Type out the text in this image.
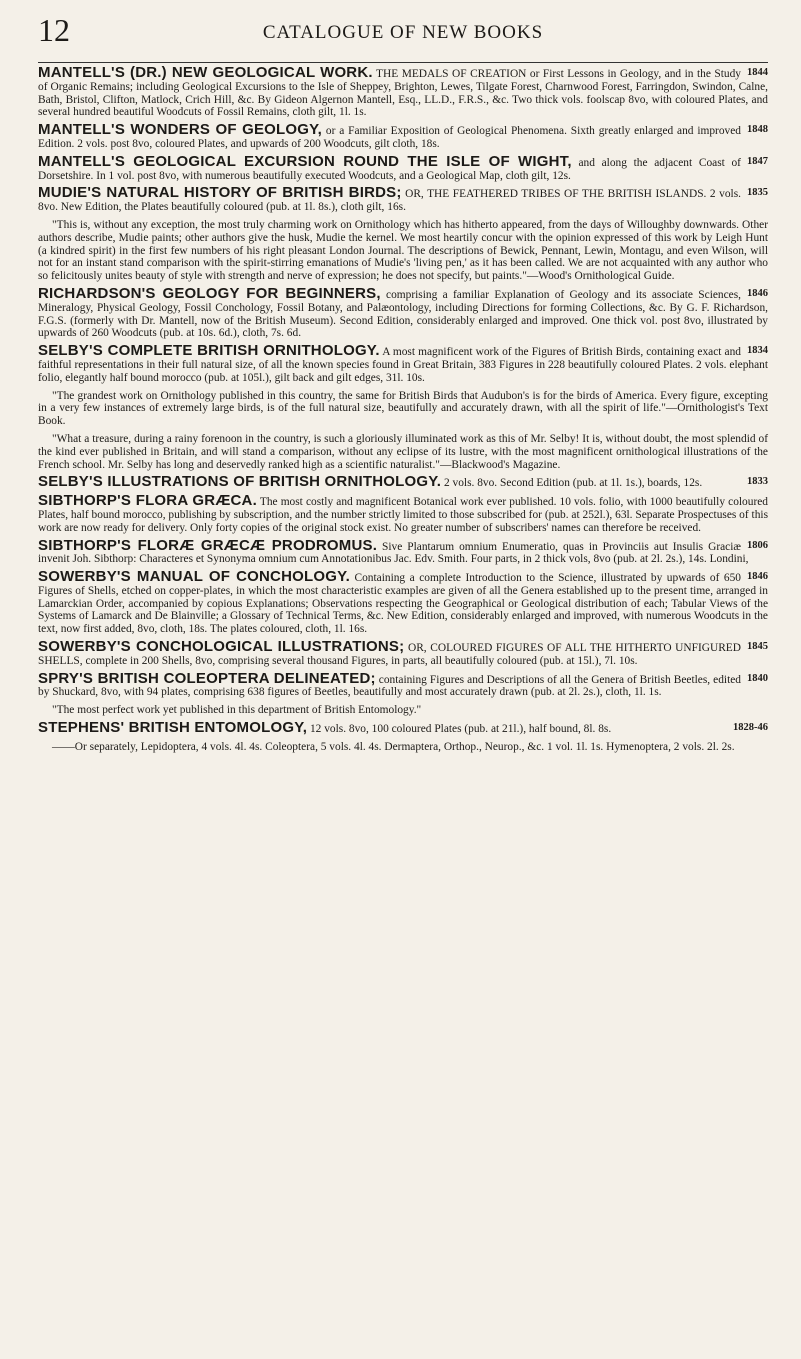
12	CATALOGUE OF NEW BOOKS

1844
MANTELL'S (DR.) NEW GEOLOGICAL WORK. THE MEDALS OF CREATION or First Lessons in Geology, and in the Study of Organic Remains; including Geological Excursions to the Isle of Sheppey, Brighton, Lewes, Tilgate Forest, Charnwood Forest, Farringdon, Swindon, Calne, Bath, Bristol, Clifton, Matlock, Crich Hill, &c. By Gideon Algernon Mantell, Esq., LL.D., F.R.S., &c. Two thick vols. foolscap 8vo, with coloured Plates, and several hundred beautiful Woodcuts of Fossil Remains, cloth gilt, 1l. 1s.

1848
MANTELL'S WONDERS OF GEOLOGY, or a Familiar Exposition of Geological Phenomena. Sixth greatly enlarged and improved Edition. 2 vols. post 8vo, coloured Plates, and upwards of 200 Woodcuts, gilt cloth, 18s.

1847
MANTELL'S GEOLOGICAL EXCURSION ROUND THE ISLE OF WIGHT, and along the adjacent Coast of Dorsetshire. In 1 vol. post 8vo, with numerous beautifully executed Woodcuts, and a Geological Map, cloth gilt, 12s.

1835
MUDIE'S NATURAL HISTORY OF BRITISH BIRDS; OR, THE FEATHERED TRIBES OF THE BRITISH ISLANDS. 2 vols. 8vo. New Edition, the Plates beautifully coloured (pub. at 1l. 8s.), cloth gilt, 16s.

"This is, without any exception, the most truly charming work on Ornithology which has hitherto appeared, from the days of Willoughby downwards. Other authors describe, Mudie paints; other authors give the husk, Mudie the kernel. We most heartily concur with the opinion expressed of this work by Leigh Hunt (a kindred spirit) in the first few numbers of his right pleasant London Journal. The descriptions of Bewick, Pennant, Lewin, Montagu, and even Wilson, will not for an instant stand comparison with the spirit-stirring emanations of Mudie's 'living pen,' as it has been called. We are not acquainted with any author who so felicitously unites beauty of style with strength and nerve of expression; he does not specify, but paints."—Wood's Ornithological Guide.

1846
RICHARDSON'S GEOLOGY FOR BEGINNERS, comprising a familiar Explanation of Geology and its associate Sciences, Mineralogy, Physical Geology, Fossil Conchology, Fossil Botany, and Palæontology, including Directions for forming Collections, &c. By G. F. Richardson, F.G.S. (formerly with Dr. Mantell, now of the British Museum). Second Edition, considerably enlarged and improved. One thick vol. post 8vo, illustrated by upwards of 260 Woodcuts (pub. at 10s. 6d.), cloth, 7s. 6d.

1834
SELBY'S COMPLETE BRITISH ORNITHOLOGY. A most magnificent work of the Figures of British Birds, containing exact and faithful representations in their full natural size, of all the known species found in Great Britain, 383 Figures in 228 beautifully coloured Plates. 2 vols. elephant folio, elegantly half bound morocco (pub. at 105l.), gilt back and gilt edges, 31l. 10s.

"The grandest work on Ornithology published in this country, the same for British Birds that Audubon's is for the birds of America. Every figure, excepting in a very few instances of extremely large birds, is of the full natural size, beautifully and accurately drawn, with all the spirit of life."—Ornithologist's Text Book.

"What a treasure, during a rainy forenoon in the country, is such a gloriously illuminated work as this of Mr. Selby! It is, without doubt, the most splendid of the kind ever published in Britain, and will stand a comparison, without any eclipse of its lustre, with the most magnificent ornithological illustrations of the French school. Mr. Selby has long and deservedly ranked high as a scientific naturalist."—Blackwood's Magazine.

1833
SELBY'S ILLUSTRATIONS OF BRITISH ORNITHOLOGY. 2 vols. 8vo. Second Edition (pub. at 1l. 1s.), boards, 12s.

SIBTHORP'S FLORA GRÆCA. The most costly and magnificent Botanical work ever published. 10 vols. folio, with 1000 beautifully coloured Plates, half bound morocco, publishing by subscription, and the number strictly limited to those subscribed for (pub. at 252l.), 63l. Separate Prospectuses of this work are now ready for delivery. Only forty copies of the original stock exist. No greater number of subscribers' names can therefore be received.

1806
SIBTHORP'S FLORÆ GRÆCÆ PRODROMUS. Sive Plantarum omnium Enumeratio, quas in Provinciis aut Insulis Graciæ invenit Joh. Sibthorp: Characteres et Synonyma omnium cum Annotationibus Jac. Edv. Smith. Four parts, in 2 thick vols, 8vo (pub. at 2l. 2s.), 14s. Londini,

1846
SOWERBY'S MANUAL OF CONCHOLOGY. Containing a complete Introduction to the Science, illustrated by upwards of 650 Figures of Shells, etched on copper-plates, in which the most characteristic examples are given of all the Genera established up to the present time, arranged in Lamarckian Order, accompanied by copious Explanations; Observations respecting the Geographical or Geological distribution of each; Tabular Views of the Systems of Lamarck and De Blainville; a Glossary of Technical Terms, &c. New Edition, considerably enlarged and improved, with numerous Woodcuts in the text, now first added, 8vo, cloth, 18s. The plates coloured, cloth, 1l. 16s.

1845
SOWERBY'S CONCHOLOGICAL ILLUSTRATIONS; OR, COLOURED FIGURES OF ALL THE HITHERTO UNFIGURED SHELLS, complete in 200 Shells, 8vo, comprising several thousand Figures, in parts, all beautifully coloured (pub. at 15l.), 7l. 10s.

1840
SPRY'S BRITISH COLEOPTERA DELINEATED; containing Figures and Descriptions of all the Genera of British Beetles, edited by Shuckard, 8vo, with 94 plates, comprising 638 figures of Beetles, beautifully and most accurately drawn (pub. at 2l. 2s.), cloth, 1l. 1s.

"The most perfect work yet published in this department of British Entomology."

1828-46
STEPHENS' BRITISH ENTOMOLOGY, 12 vols. 8vo, 100 coloured Plates (pub. at 21l.), half bound, 8l. 8s.

——Or separately, Lepidoptera, 4 vols. 4l. 4s. Coleoptera, 5 vols. 4l. 4s. Dermaptera, Orthop., Neurop., &c. 1 vol. 1l. 1s. Hymenoptera, 2 vols. 2l. 2s.
